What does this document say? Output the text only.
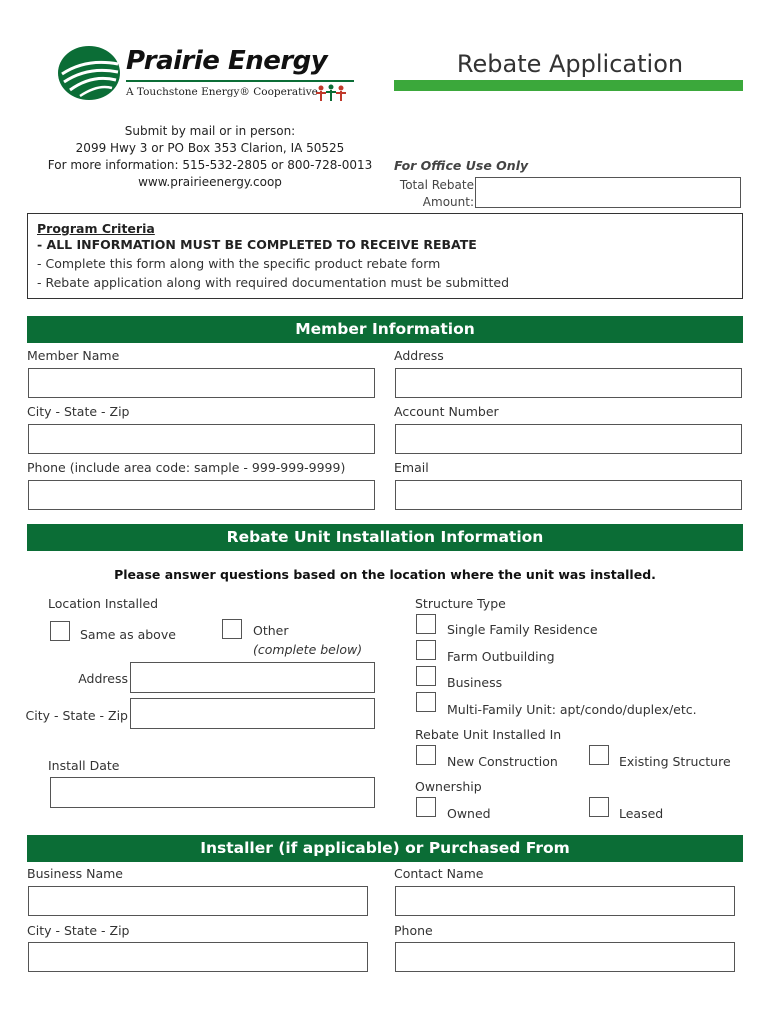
Prairie Energy
A Touchstone Energy® Cooperative
Rebate Application
Submit by mail or in person:
2099 Hwy 3 or PO Box 353 Clarion, IA 50525
For more information: 515-532-2805 or 800-728-0013
www.prairieenergy.coop
For Office Use Only
Total Rebate
Amount:
Program Criteria
- ALL INFORMATION MUST BE COMPLETED TO RECEIVE REBATE
- Complete this form along with the specific product rebate form
- Rebate application along with required documentation must be submitted
Member Information
Member Name	Address
City - State - Zip	Account Number
Phone (include area code: sample - 999-999-9999)	Email
Rebate Unit Installation Information
Please answer questions based on the location where the unit was installed.
Location Installed
Same as above	Other
(complete below)
Address
City - State - Zip
Install Date
Structure Type
Single Family Residence
Farm Outbuilding
Business
Multi-Family Unit: apt/condo/duplex/etc.
Rebate Unit Installed In
New Construction	Existing Structure
Ownership
Owned	Leased
Installer (if applicable) or Purchased From
Business Name	Contact Name
City - State - Zip	Phone
